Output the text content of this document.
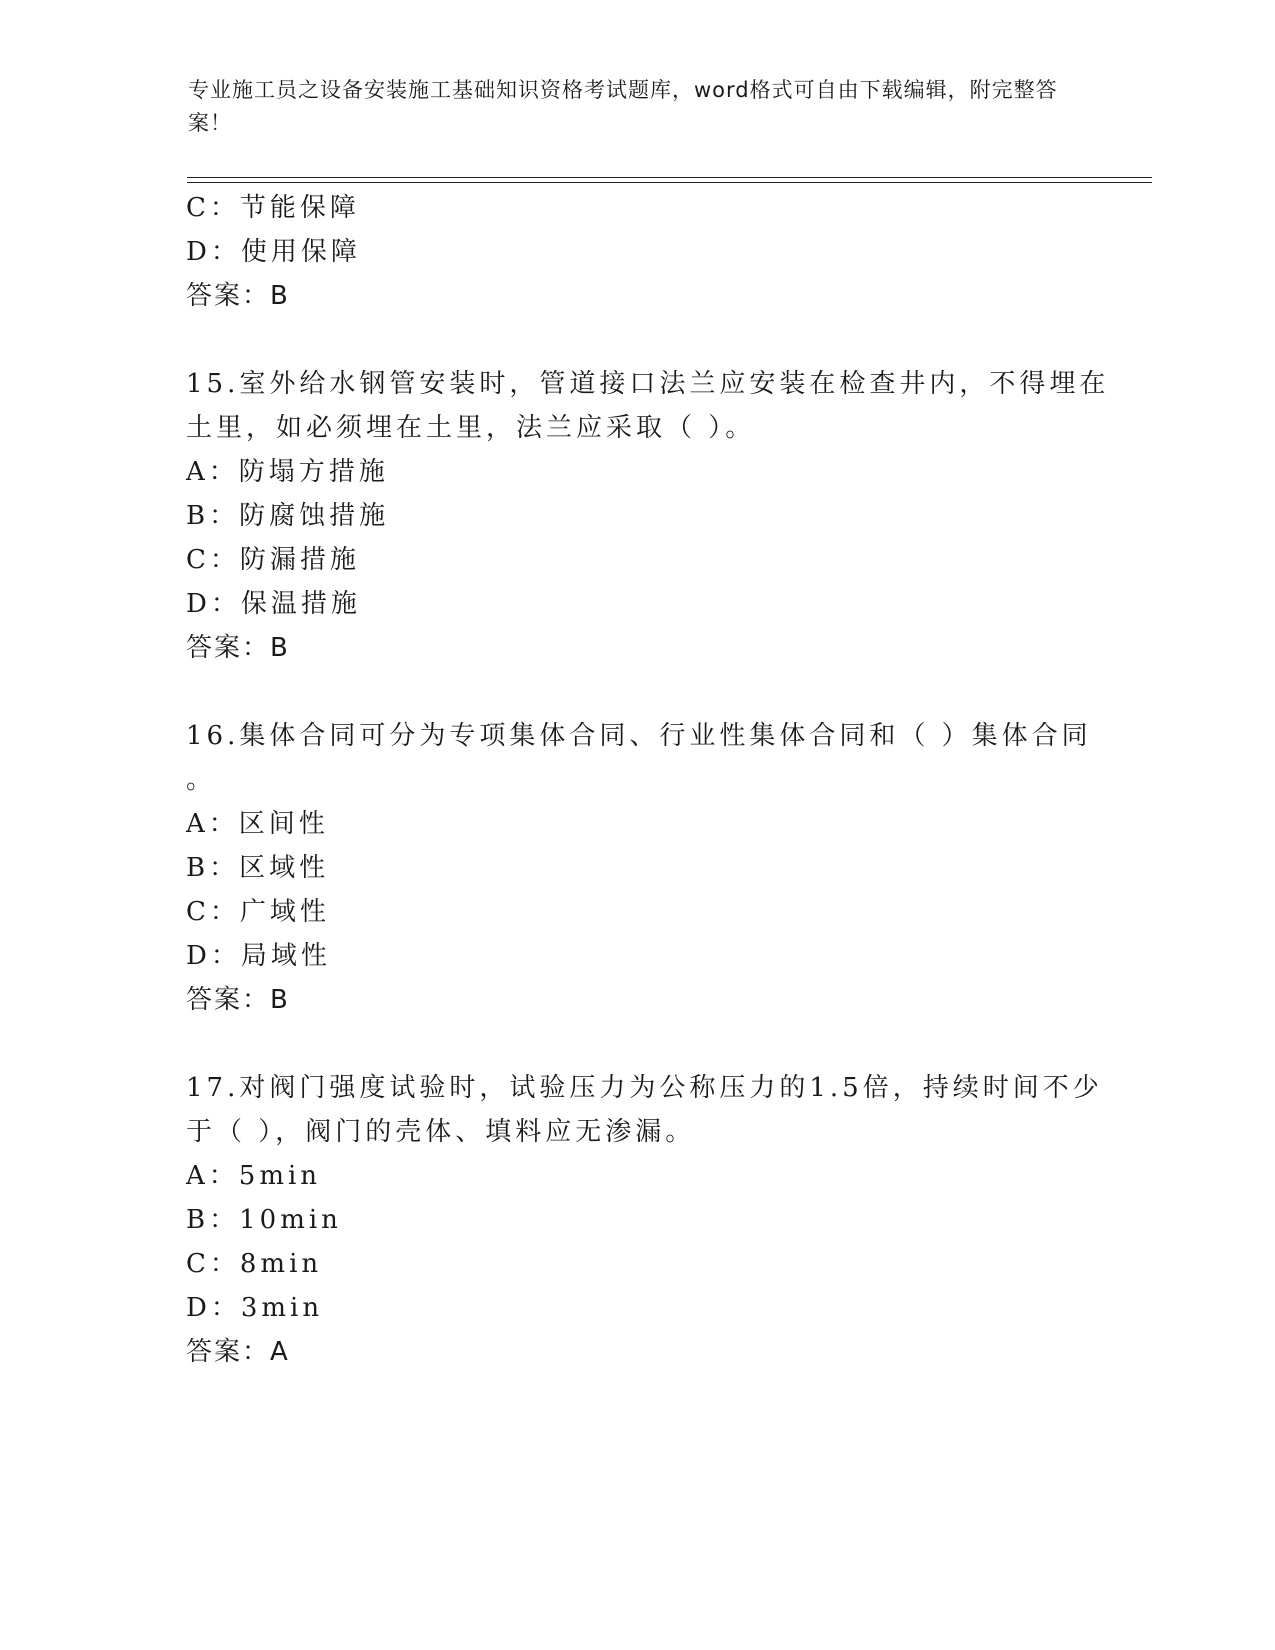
专业施工员之设备安装施工基础知识资格考试题库，word格式可自由下载编辑，附完整答案！
C：节能保障
D：使用保障
答案：B
15.室外给水钢管安装时，管道接口法兰应安装在检查井内，不得埋在
土里，如必须埋在土里，法兰应采取（ ）。
A：防塌方措施
B：防腐蚀措施
C：防漏措施
D：保温措施
答案：B
16.集体合同可分为专项集体合同、行业性集体合同和（ ）集体合同
。
A：区间性
B：区域性
C：广域性
D：局域性
答案：B
17.对阀门强度试验时，试验压力为公称压力的1.5倍，持续时间不少
于（ ），阀门的壳体、填料应无渗漏。
A：5min
B：10min
C：8min
D：3min
答案：A
